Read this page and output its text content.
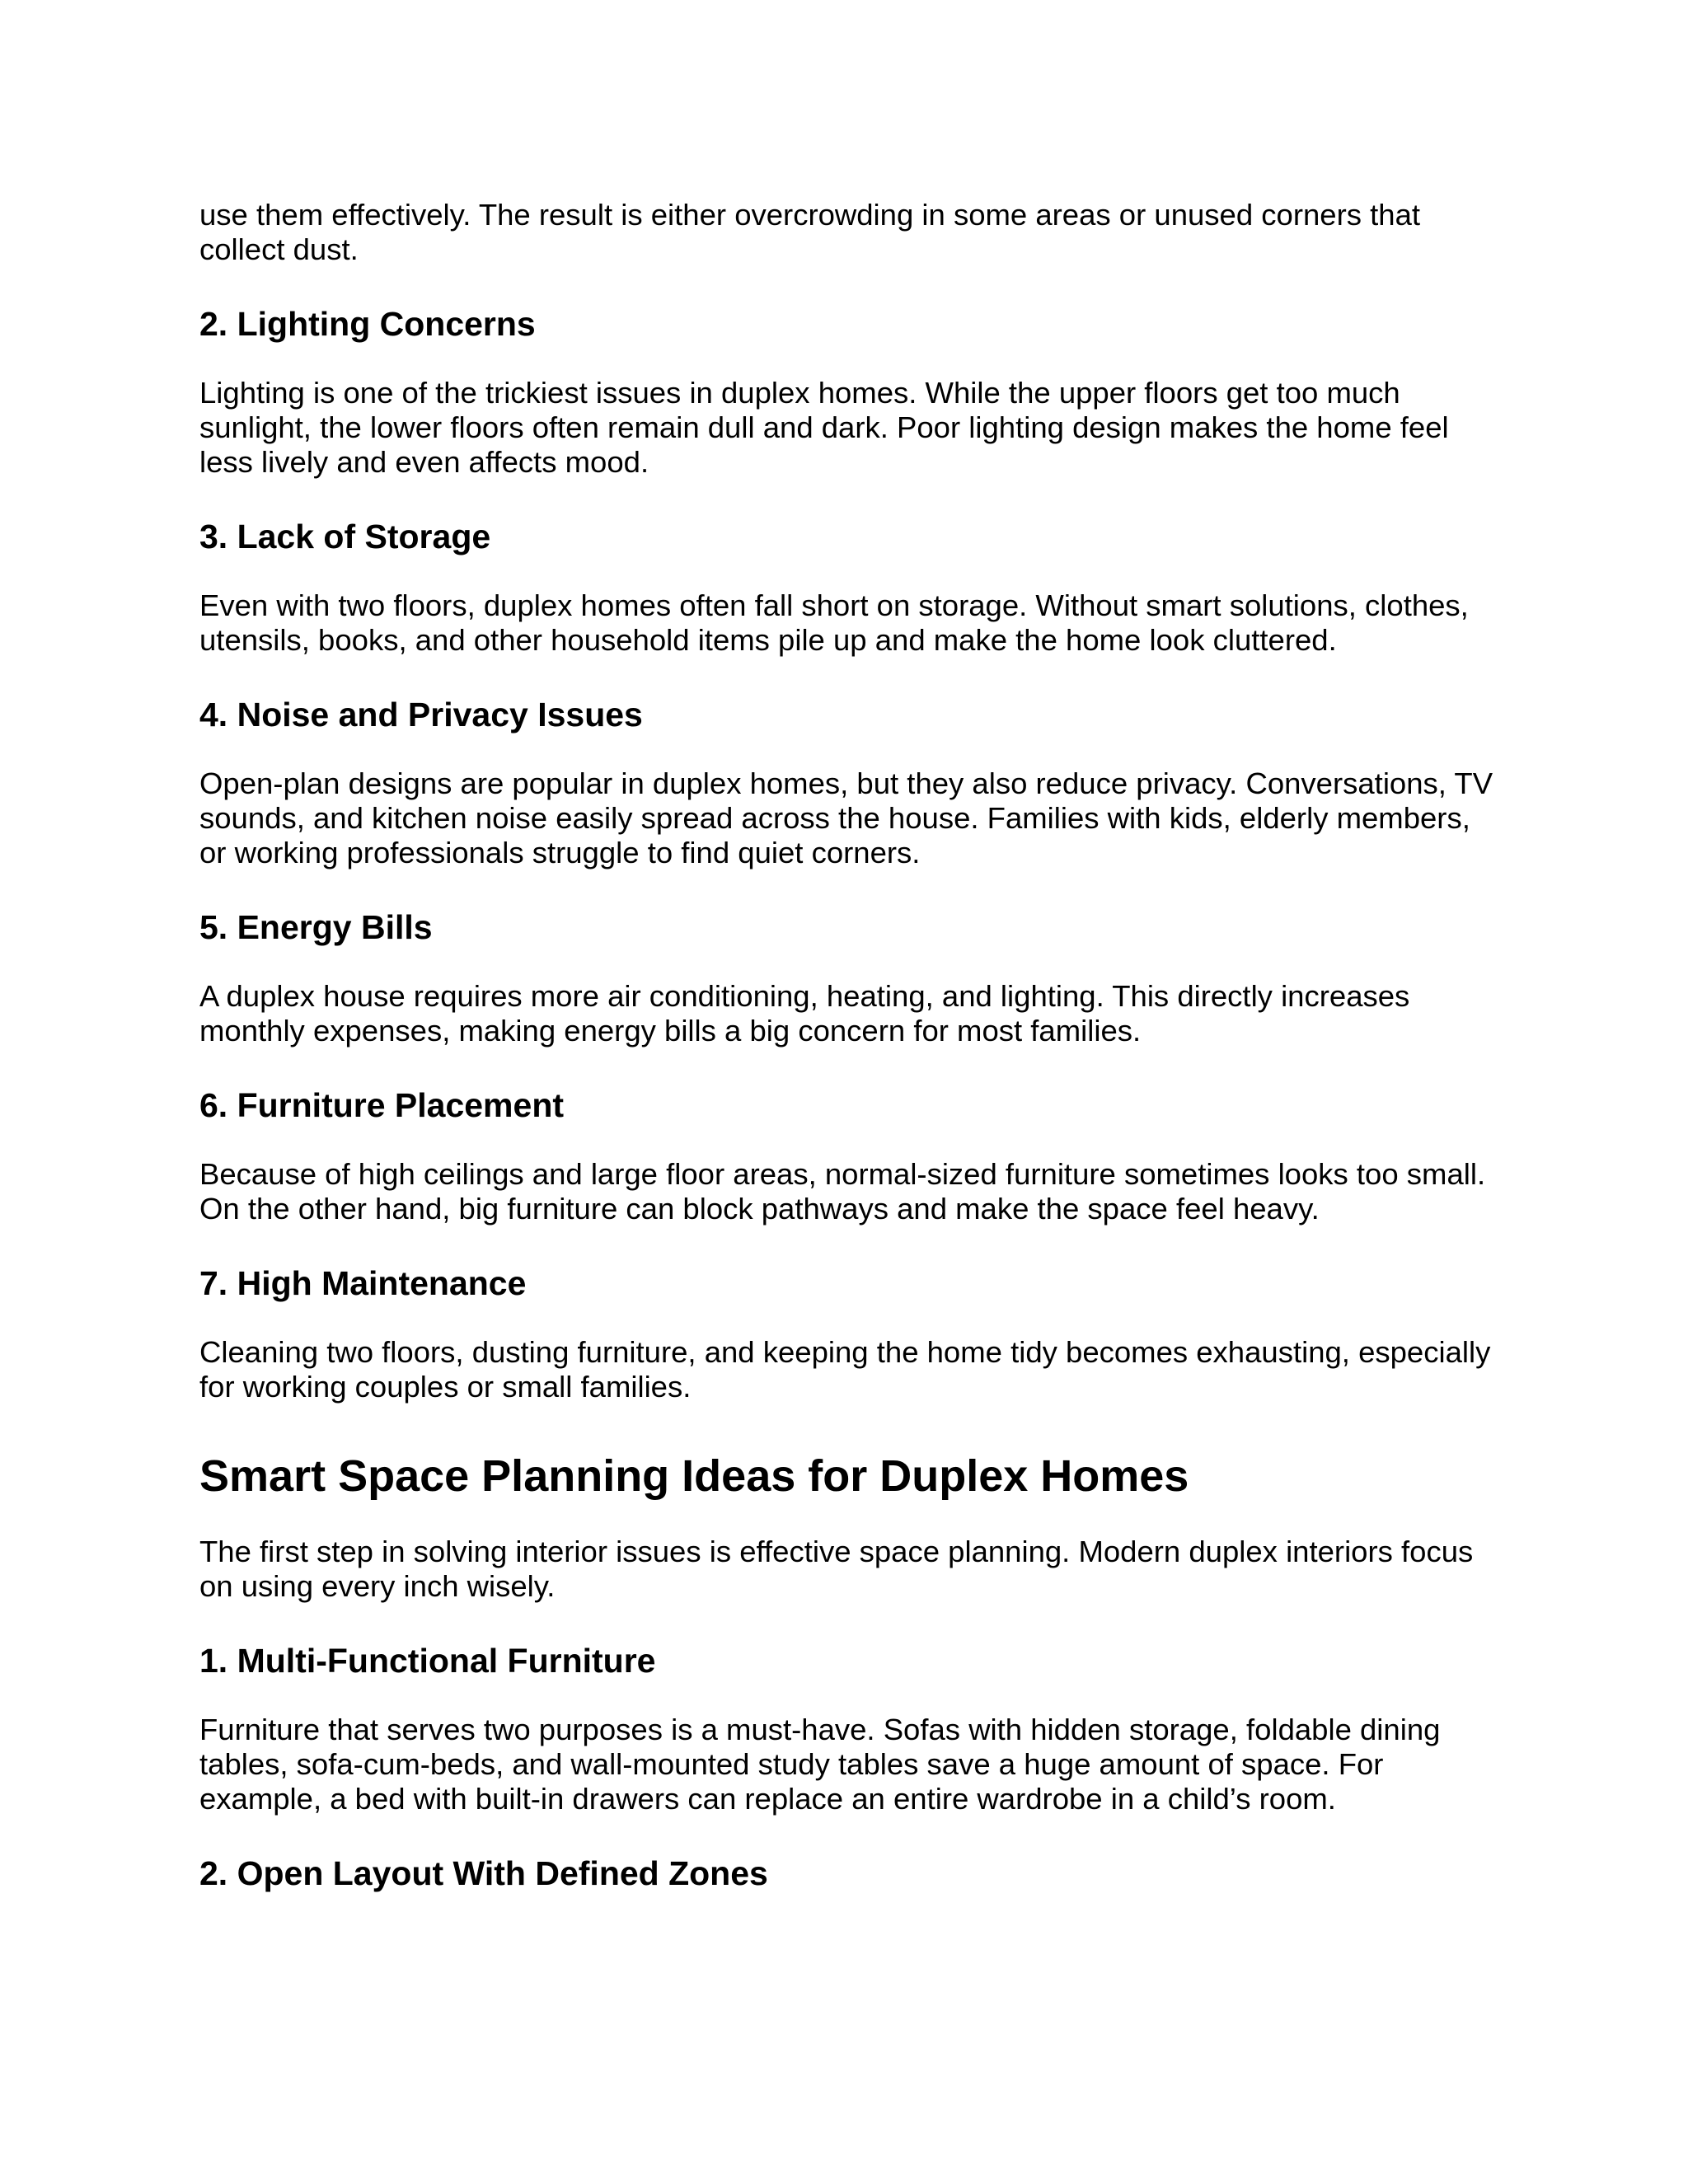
use them effectively. The result is either overcrowding in some areas or unused corners that collect dust.

2. Lighting Concerns

Lighting is one of the trickiest issues in duplex homes. While the upper floors get too much sunlight, the lower floors often remain dull and dark. Poor lighting design makes the home feel less lively and even affects mood.

3. Lack of Storage

Even with two floors, duplex homes often fall short on storage. Without smart solutions, clothes, utensils, books, and other household items pile up and make the home look cluttered.

4. Noise and Privacy Issues

Open-plan designs are popular in duplex homes, but they also reduce privacy. Conversations, TV sounds, and kitchen noise easily spread across the house. Families with kids, elderly members, or working professionals struggle to find quiet corners.

5. Energy Bills

A duplex house requires more air conditioning, heating, and lighting. This directly increases monthly expenses, making energy bills a big concern for most families.

6. Furniture Placement

Because of high ceilings and large floor areas, normal-sized furniture sometimes looks too small. On the other hand, big furniture can block pathways and make the space feel heavy.

7. High Maintenance

Cleaning two floors, dusting furniture, and keeping the home tidy becomes exhausting, especially for working couples or small families.

Smart Space Planning Ideas for Duplex Homes

The first step in solving interior issues is effective space planning. Modern duplex interiors focus on using every inch wisely.

1. Multi-Functional Furniture

Furniture that serves two purposes is a must-have. Sofas with hidden storage, foldable dining tables, sofa-cum-beds, and wall-mounted study tables save a huge amount of space. For example, a bed with built-in drawers can replace an entire wardrobe in a child’s room.

2. Open Layout With Defined Zones
